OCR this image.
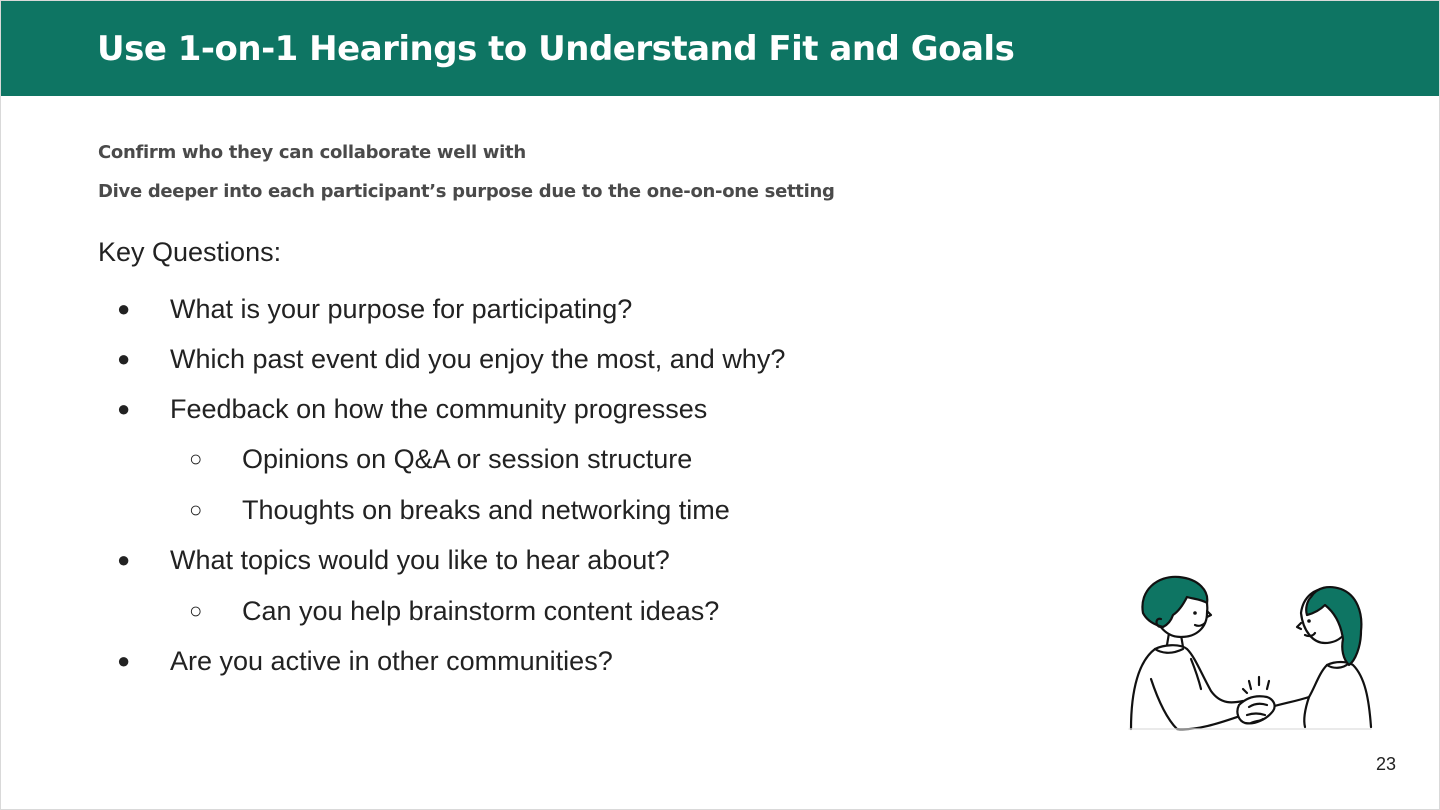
Use 1-on-1 Hearings to Understand Fit and Goals

Confirm who they can collaborate well with

Dive deeper into each participant’s purpose due to the one-on-one setting

Key Questions:

● What is your purpose for participating?
● Which past event did you enjoy the most, and why?
● Feedback on how the community progresses
○ Opinions on Q&A or session structure
○ Thoughts on breaks and networking time
● What topics would you like to hear about?
○ Can you help brainstorm content ideas?
● Are you active in other communities?
23
